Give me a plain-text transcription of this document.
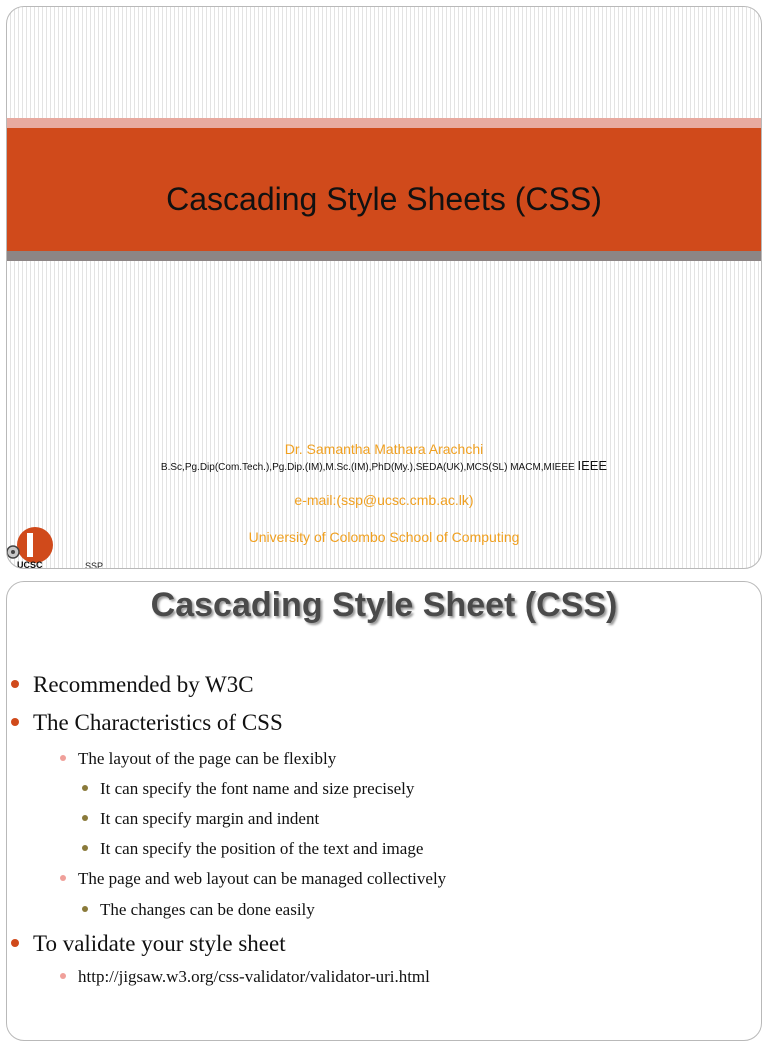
Cascading Style Sheets (CSS)
Dr. Samantha Mathara Arachchi
B.Sc,Pg.Dip(Com.Tech.),Pg.Dip.(IM),M.Sc.(IM),PhD(My.),SEDA(UK),MCS(SL) MACM,MIEEE IEEE
e-mail:(ssp@ucsc.cmb.ac.lk)
University of Colombo School of Computing
UCSC	SSP
Cascading Style Sheet (CSS)
Recommended by W3C
The Characteristics of CSS
The layout of the page can be flexibly
It can specify the font name and size precisely
It can specify margin and indent
It can specify the position of the text and image
The page and web layout can be managed collectively
The changes can be done easily
To validate your style sheet
http://jigsaw.w3.org/css-validator/validator-uri.html
